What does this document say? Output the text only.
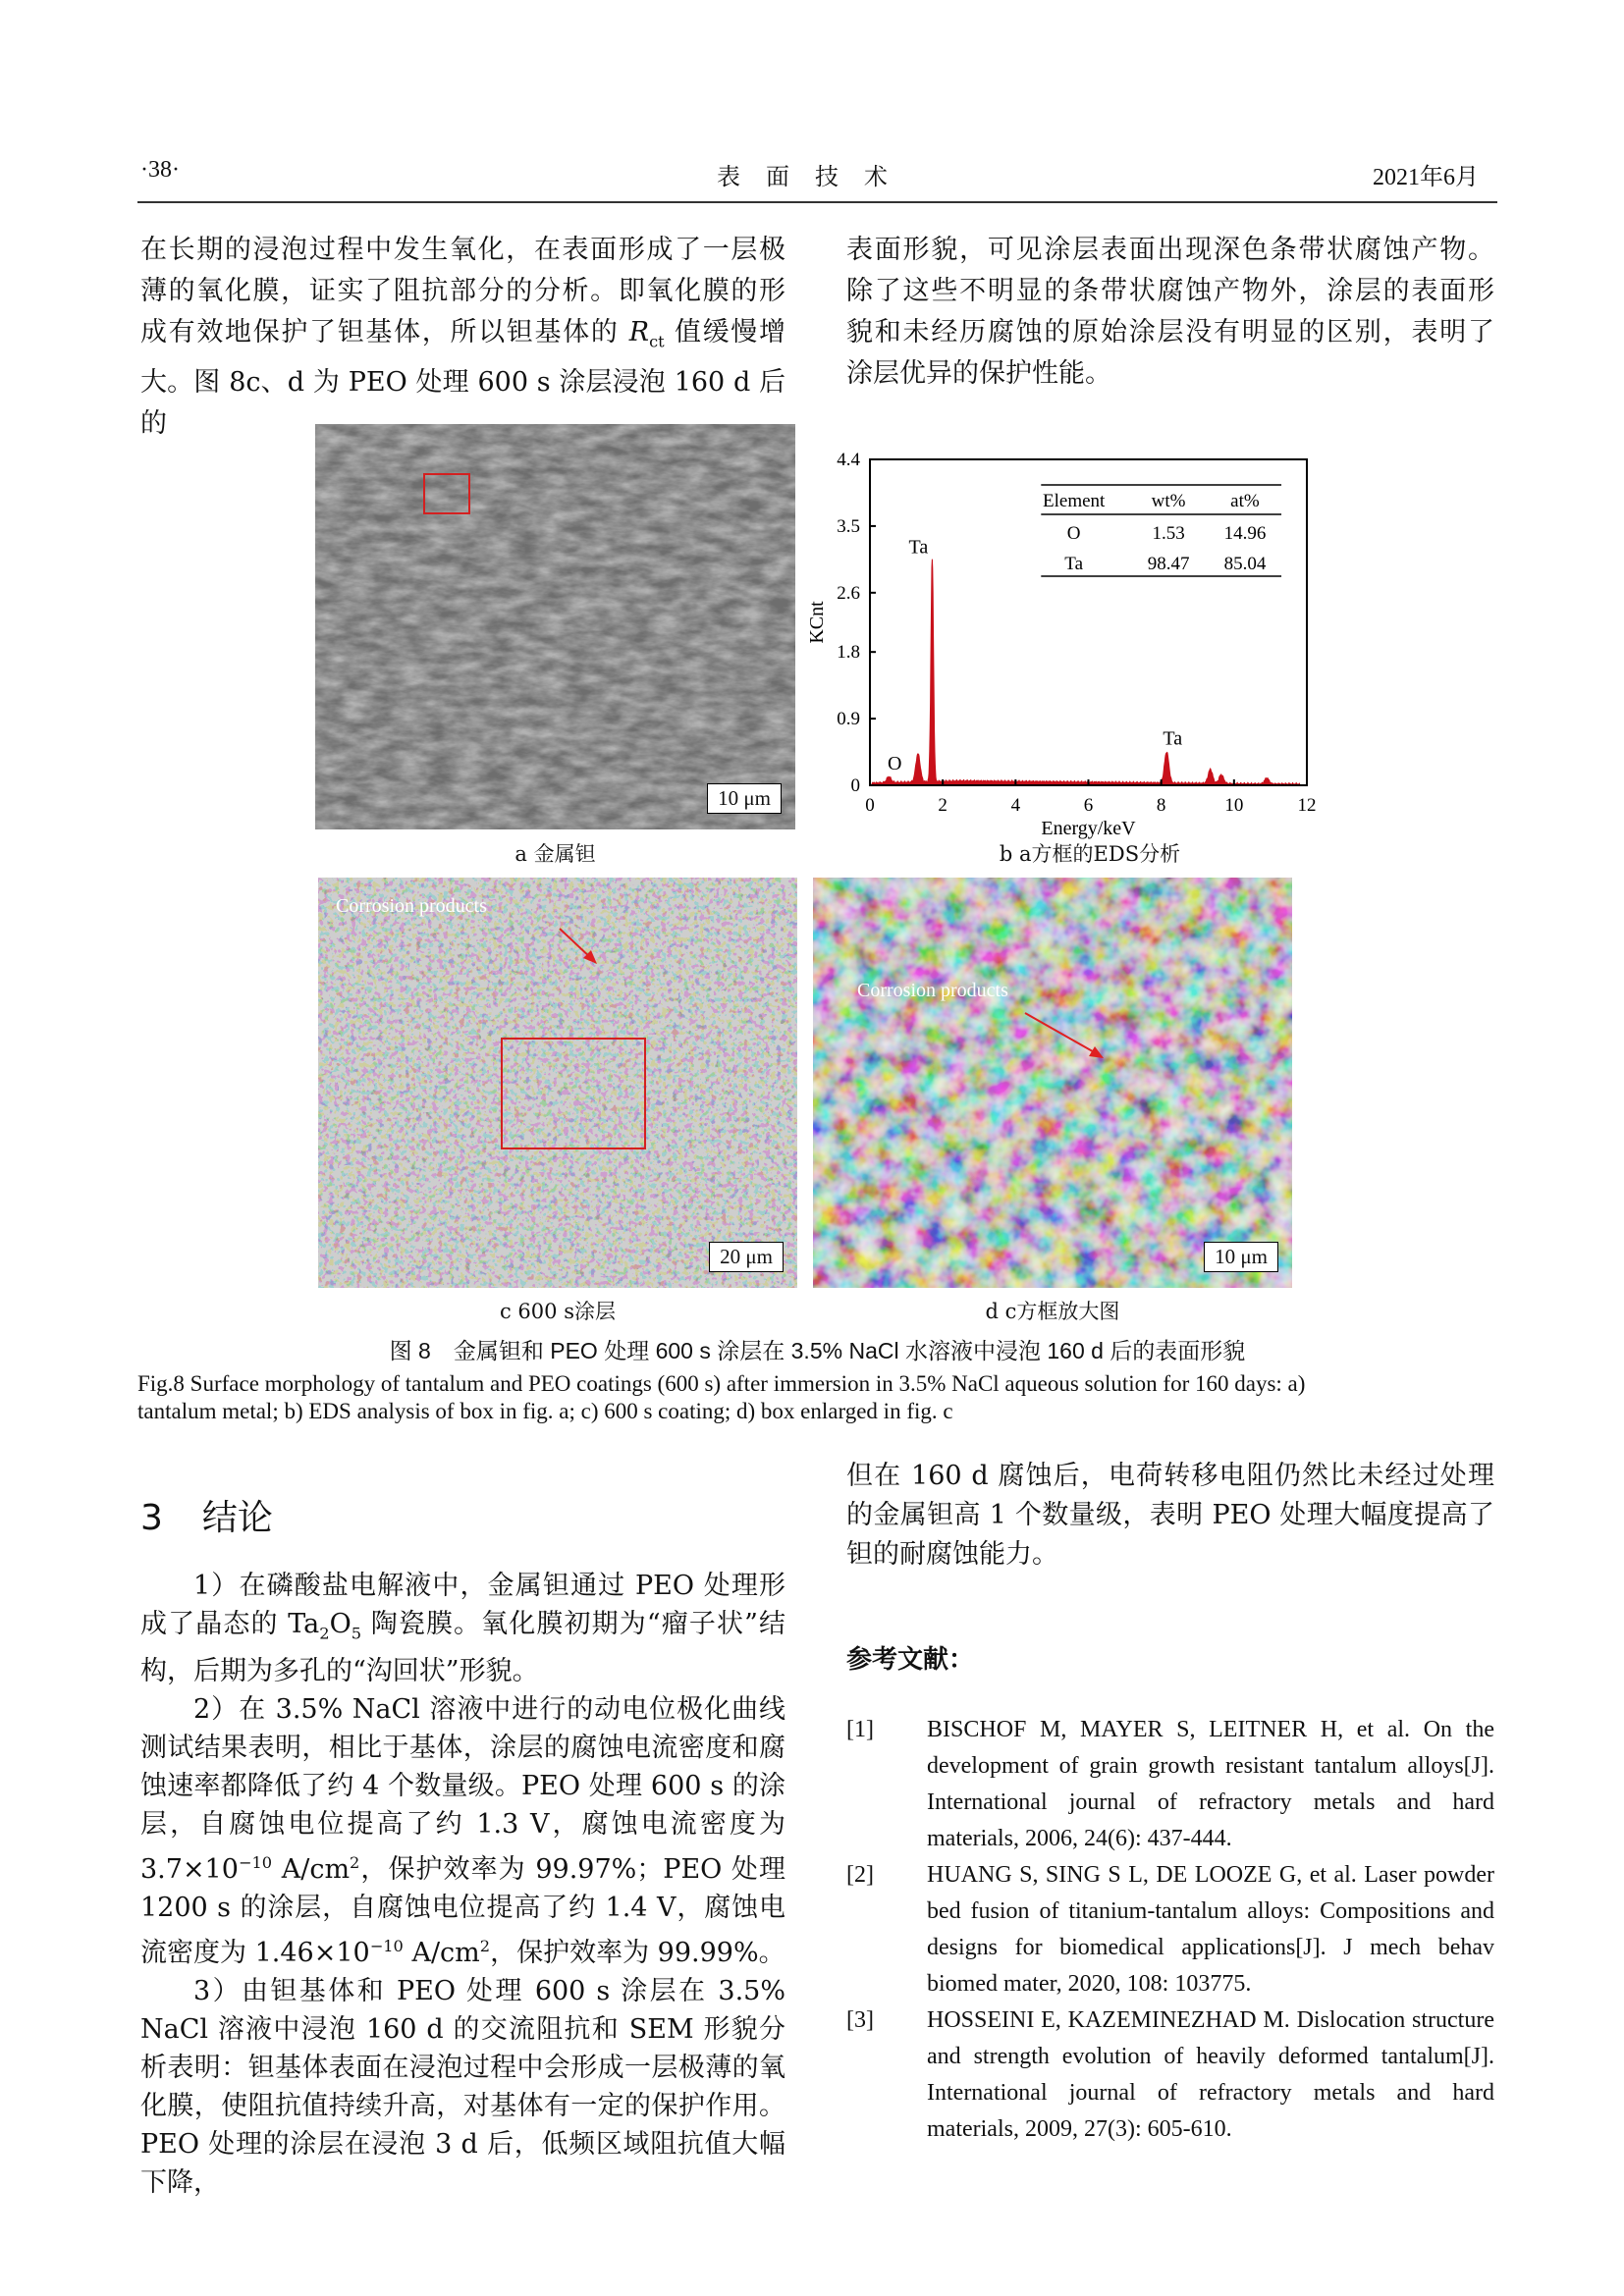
·38·	表 面 技 术	2021年6月

在长期的浸泡过程中发生氧化，在表面形成了一层极

薄的氧化膜，证实了阻抗部分的分析。即氧化膜的形

成有效地保护了钽基体，所以钽基体的 $R_{ct}$ 值缓慢增

大。图 8c、d 为 PEO 处理 600 s 涂层浸泡 160 d 后的

表面形貌，可见涂层表面出现深色条带状腐蚀产物。

除了这些不明显的条带状腐蚀产物外，涂层的表面形

貌和未经历腐蚀的原始涂层没有明显的区别，表明了

涂层优异的保护性能。

10 μm
a 金属钽
0	2	4	6	8	10	12
0
0.9
1.8
2.6
3.5
4.4
Energy/keV
KCnt
O
Ta
Ta
Element wt% at%
O	1.53 14.96
Ta	98.47 85.04
b a方框的EDS分析
Corrosion products
20 μm
c 600 s涂层
Corrosion products
10 μm
d c方框放大图
图 8　金属钽和 PEO 处理 600 s 涂层在 3.5% NaCl 水溶液中浸泡 160 d 后的表面形貌
Fig.8 Surface morphology of tantalum and PEO coatings (600 s) after immersion in 3.5% NaCl aqueous solution for 160 days: a)
tantalum metal; b) EDS analysis of box in fig. a; c) 600 s coating; d) box enlarged in fig. c
3 结论

1）在磷酸盐电解液中，金属钽通过 PEO 处理形成了晶态的 $Ta_2O_5$ 陶瓷膜。氧化膜初期为“瘤子状”结构，后期为多孔的“沟回状”形貌。

2）在 3.5% NaCl 溶液中进行的动电位极化曲线测试结果表明，相比于基体，涂层的腐蚀电流密度和腐蚀速率都降低了约 4 个数量级。PEO 处理 600 s 的涂层，自腐蚀电位提高了约 1.3 V，腐蚀电流密度为 $3.7\times 10^{-10}$ $A/cm^2$，保护效率为 99.97%；PEO 处理 1200 s 的涂层，自腐蚀电位提高了约 1.4 V，腐蚀电流密度为 $1.46\times 10^{-10}$ $A/cm^2$，保护效率为 99.99%。

3）由钽基体和 PEO 处理 600 s 涂层在 3.5% NaCl 溶液中浸泡 160 d 的交流阻抗和 SEM 形貌分析表明：钽基体表面在浸泡过程中会形成一层极薄的氧化膜，使阻抗值持续升高，对基体有一定的保护作用。PEO 处理的涂层在浸泡 3 d 后，低频区域阻抗值大幅下降，

但在 160 d 腐蚀后，电荷转移电阻仍然比未经过处理的金属钽高 1 个数量级，表明 PEO 处理大幅度提高了钽的耐腐蚀能力。

参考文献：
[1] BISCHOF M, MAYER S, LEITNER H, et al. On the development of grain growth resistant tantalum alloys[J]. International journal of refractory metals and hard materials, 2006, 24(6): 437-444.
[2] HUANG S, SING S L, DE LOOZE G, et al. Laser powder bed fusion of titanium-tantalum alloys: Compositions and designs for biomedical applications[J]. J mech behav biomed mater, 2020, 108: 103775.
[3] HOSSEINI E, KAZEMINEZHAD M. Dislocation structure and strength evolution of heavily deformed tantalum[J]. International journal of refractory metals and hard materials, 2009, 27(3): 605-610.
